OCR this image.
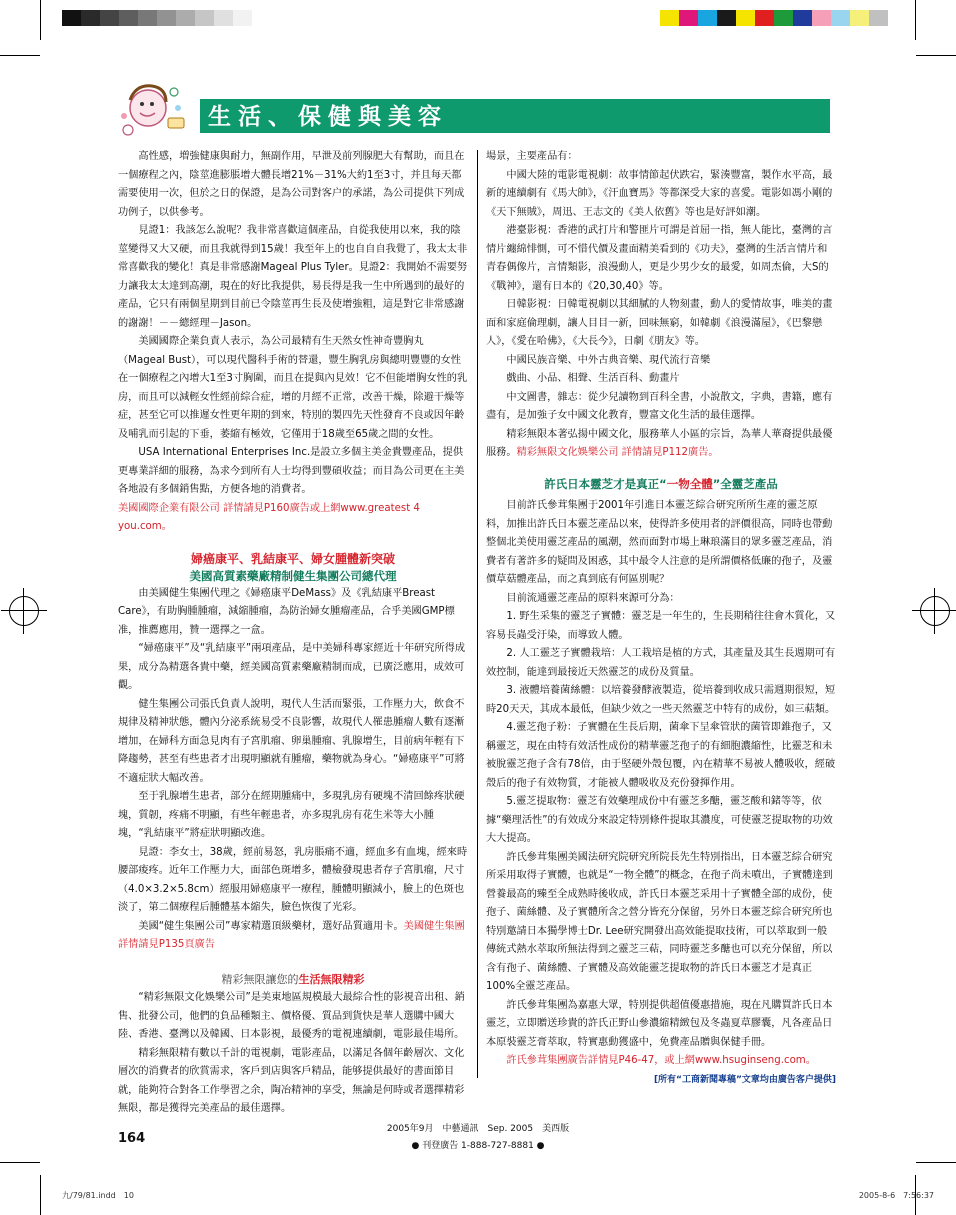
生活、保健與美容

高性感，増強健康與耐力，無副作用，早泄及前列腺肥大有幫助，而且在一個療程之內，陰莖進膨脹增大體長增21%－31%大約1至3寸，并且每天都需要使用一次，但於之日的保證，是為公司對客户的承諾，為公司提供下列成功例子，以供參考。

見證1：我該怎么說呢？我非常喜歡這個產品，自從我使用以來，我的陰莖變得又大又硬，而且我就得到15歲！我至年上的也自自自我覺了，我太太非常喜歡我的變化！真是非常感謝Mageal Plus Tyler。見證2：我開始不需要努力讓我太太達到高潮，現在的好比我提供，易長得是我一生中所遇到的最好的產品，它只有兩個星期到目前已令陰莖再生長及使增強粗，這是對它非常感謝的謝謝！－－總經理－Jason。

美國國際企業負責人表示，為公司最精有生天然女性神奇豐胸丸（Mageal Bust），可以現代醫科手術的替還，豐生胸乳房與總明豐豐的女性在一個療程之內增大1至3寸胸圍，而且在提與內見效！它不但能增胸女性的乳房，而且可以減輕女性經前綜合症，增的月經不正常，改善干燥，除避干燥等症，甚至它可以推遲女性更年期的到來，特別的製四先天性發育不良或因年齡及哺乳而引起的下垂，萎縮有極效，它僅用于18歲至65歲之間的女性。

USA International Enterprises Inc.是設立多個主美金貴豐產品，提供更專業詳細的服務，為求今到所有人士均得到豐碩收益；而目為公司更在主美各地設有多個銷售點，方便各地的消費者。

美國國際企業有限公司 詳情請見P160廣告或上網www.greatest 4 you.com。

婦癌康平、乳結康平、婦女腫體新突破

美國高質素藥廠精制健生集團公司總代理

由美國健生集團代理之《婦癌康平DeMass》及《乳結康平Breast Care》，有助胸腫腫瘤，減縮腫瘤，為防治婦女腫瘤產品，合乎美國GMP標准，推薦應用，贊一選擇之一盒。

“婦癌康平”及“乳結康平”兩項產品，是中美婦科專家經近十年研究所得成果，成分為精選各貴中藥，經美國高質素藥廠精制而成，已廣泛應用，成效可觀。

健生集團公司張氏負責人說明，現代人生活而緊張，工作壓力大，飲食不規律及精神狀態，體內分泌系統易受不良影響，故現代人罹患腫瘤人數有逐漸增加，在婦科方面急見肉有子宮肌瘤、卵巢腫瘤、乳腺增生，目前病年輕有下降趨勢，甚至有些患者才出現明顯就有腫瘤，藥物就為身心。“婦癌康平”可將不適症狀大幅改善。

至于乳腺增生患者，部分在經期腫痛中，多現乳房有硬塊不清回餘疼狀硬塊，質韌，疼痛不明顯，有些年輕患者，亦多現乳房有花生米等大小腫塊，“乳結康平”將症狀明顯改進。

見證：李女士，38歲，經前易怒，乳房脹痛不適，經血多有血塊，經來時腰部痠疼。近年工作壓力大，面部色斑增多，體檢發現患者存子宮肌瘤，尺寸（4.0×3.2×5.8cm）經服用婦癌康平一療程，腫體明顯減小，臉上的色斑也淡了，第二個療程后腫體基本縮失，臉色恢復了光彩。

美國“健生集團公司”專家精選頂級藥材，選好品質適用卡。美國健生集團 詳情請見P135頁廣告

精彩無限讓您的生活無限精彩

“精彩無限文化娛樂公司”是美東地區規模最大最綜合性的影視音出租、銷售、批發公司，他們的負品種類主、價格優、質品到貨快是華人選購中國大陸、香港、臺灣以及韓國、日本影視，最優秀的電視連續劇，電影最佳場所。

精彩無限精有數以千計的電視劇，電影產品，以滿足各個年齡層次、文化層次的消費者的欣賞需求，客戶到店與客戶精品，能够提供最好的書面節目就，能夠符合對各工作學習之余，陶冶精神的享受，無論是何時或者選擇精彩無限，都是獲得完美產品的最佳選擇。

場景，主要產品有：

中國大陸的電影電視劇：故事情節起伏跌宕，緊湊豐富，製作水平高，最新的連續劇有《馬大帥》，《汗血寶馬》等都深受大家的喜愛。電影如馮小剛的《天下無賊》，周迅、王志文的《美人依舊》等也是好評如潮。

港臺影視：香港的武打片和警匪片可謂是首屈一指，無人能比，臺灣的言情片纏綿悱惻，可不惜代價及畫面精美看到的《功夫》，臺灣的生活言情片和青春偶像片，言情類影，浪漫動人，更是少男少女的最愛，如周杰倫，大S的《戰神》，還有日本的《20,30,40》等。

日韓影視：日韓電視劇以其細膩的人物刻畫，動人的愛情故事，唯美的畫面和家庭倫理劇，讓人目目一新，回味無窮，如韓劇《浪漫滿屋》，《巴黎戀人》，《愛在哈佛》，《大長今》，日劇《朋友》等。

中國民族音樂、中外古典音樂、現代流行音樂

戲曲、小品、相聲、生活百科、動畫片

中文圖書，雜志：從少兒讀物到百科全書，小說散文，字典，書籍，應有盡有，是加強子女中國文化教育，豐富文化生活的最佳選擇。

精彩無限本著弘揚中國文化，服務華人小區的宗旨，為華人華裔提供最優服務。精彩無限文化娛樂公司 詳情請見P112廣告。

許氏日本靈芝才是真正“一物全體”全靈芝產品

目前許氏參茸集團于2001年引進日本靈芝綜合研究所所生產的靈芝原料，加推出許氏日本靈芝產品以來，使得許多使用者的評價很高，同時也帶動整個北美使用靈芝產品的風潮，然而面對市場上琳琅滿目的眾多靈芝產品，消費者有著許多的疑問及困惑，其中最令人注意的是所謂價格低廉的孢子，及靈價草菇體產品，而之真到底有何區別呢？

目前流通靈芝產品的原料來源可分為：

1. 野生采集的靈芝子實體：靈芝是一年生的，生長期稍往往會木質化，又容易長蟲受汙染，而導致人體。

2. 人工靈芝子實體栽培：人工栽培是植的方式，其產量及其生長週期可有效控制，能達到最接近天然靈芝的成份及質量。

3. 液體培養菌絲體：以培養發酵液製造，從培養到收成只需週期很短，短時20天天，其成本最低，但缺少效之一些天然靈芝中特有的成份，如三萜類。

4.靈芝孢子粉：子實體在生長后期，菌傘下呈傘管狀的菌管即錐孢子，又稱靈芝，現在由特有效活性成份的精華靈芝孢子的有細胞濃縮性，比靈芝和未被脫靈芝孢子含有78倍，由于堅硬外殼包覆，內在精華不易被人體吸收，經破殼后的孢子有效物質，才能被人體吸收及充份發揮作用。

5.靈芝提取物：靈芝有效藥理成份中有靈芝多醣，靈芝酸和鍺等等，依據“藥理活性”的有效成分來設定特別條件提取其濃度，可使靈芝提取物的功效大大提高。

許氏參茸集團美國法研究院研究所院長先生特別指出，日本靈芝綜合研究所采用取得子實體，也就是“一物全體”的概念，在孢子尚未噴出，子實體達到營養最高的臻至全成熟時後收成，許氏日本靈芝采用十子實體全部的成份，使孢子、菌絲體、及子實體所含之營分皆充分保留，另外日本靈芝綜合研究所也特別邀請日本獨學博士Dr. Lee研究開發出高效能提取技術，可以萃取到一般傳統式熱水萃取所無法得到之靈芝三萜，同時靈芝多醣也可以充分保留，所以含有孢子、菌絲體、子實體及高效能靈芝提取物的許氏日本靈芝才是真正100%全靈芝產品。

許氏參茸集團為嘉惠大眾，特別提供超值優惠措施，現在凡購買許氏日本靈芝，立即贈送珍貴的許氏正野山參濃縮精緻包及冬蟲夏草膠囊，凡各產品日本原裝靈芝膏萃取，特實惠動獲盛中，免費產品贈與保健手冊。

許氏參茸集團廣告詳情見P46-47，或上網www.hsuginseng.com。

[所有“工商新聞專稿”文章均由廣告客户提供]

164
2005年9月　中藝通訊　Sep. 2005　美西版
● 刊登廣告 1-888-727-8881 ●
九/79/81.indd　10	2005-8-6　7:56:37
